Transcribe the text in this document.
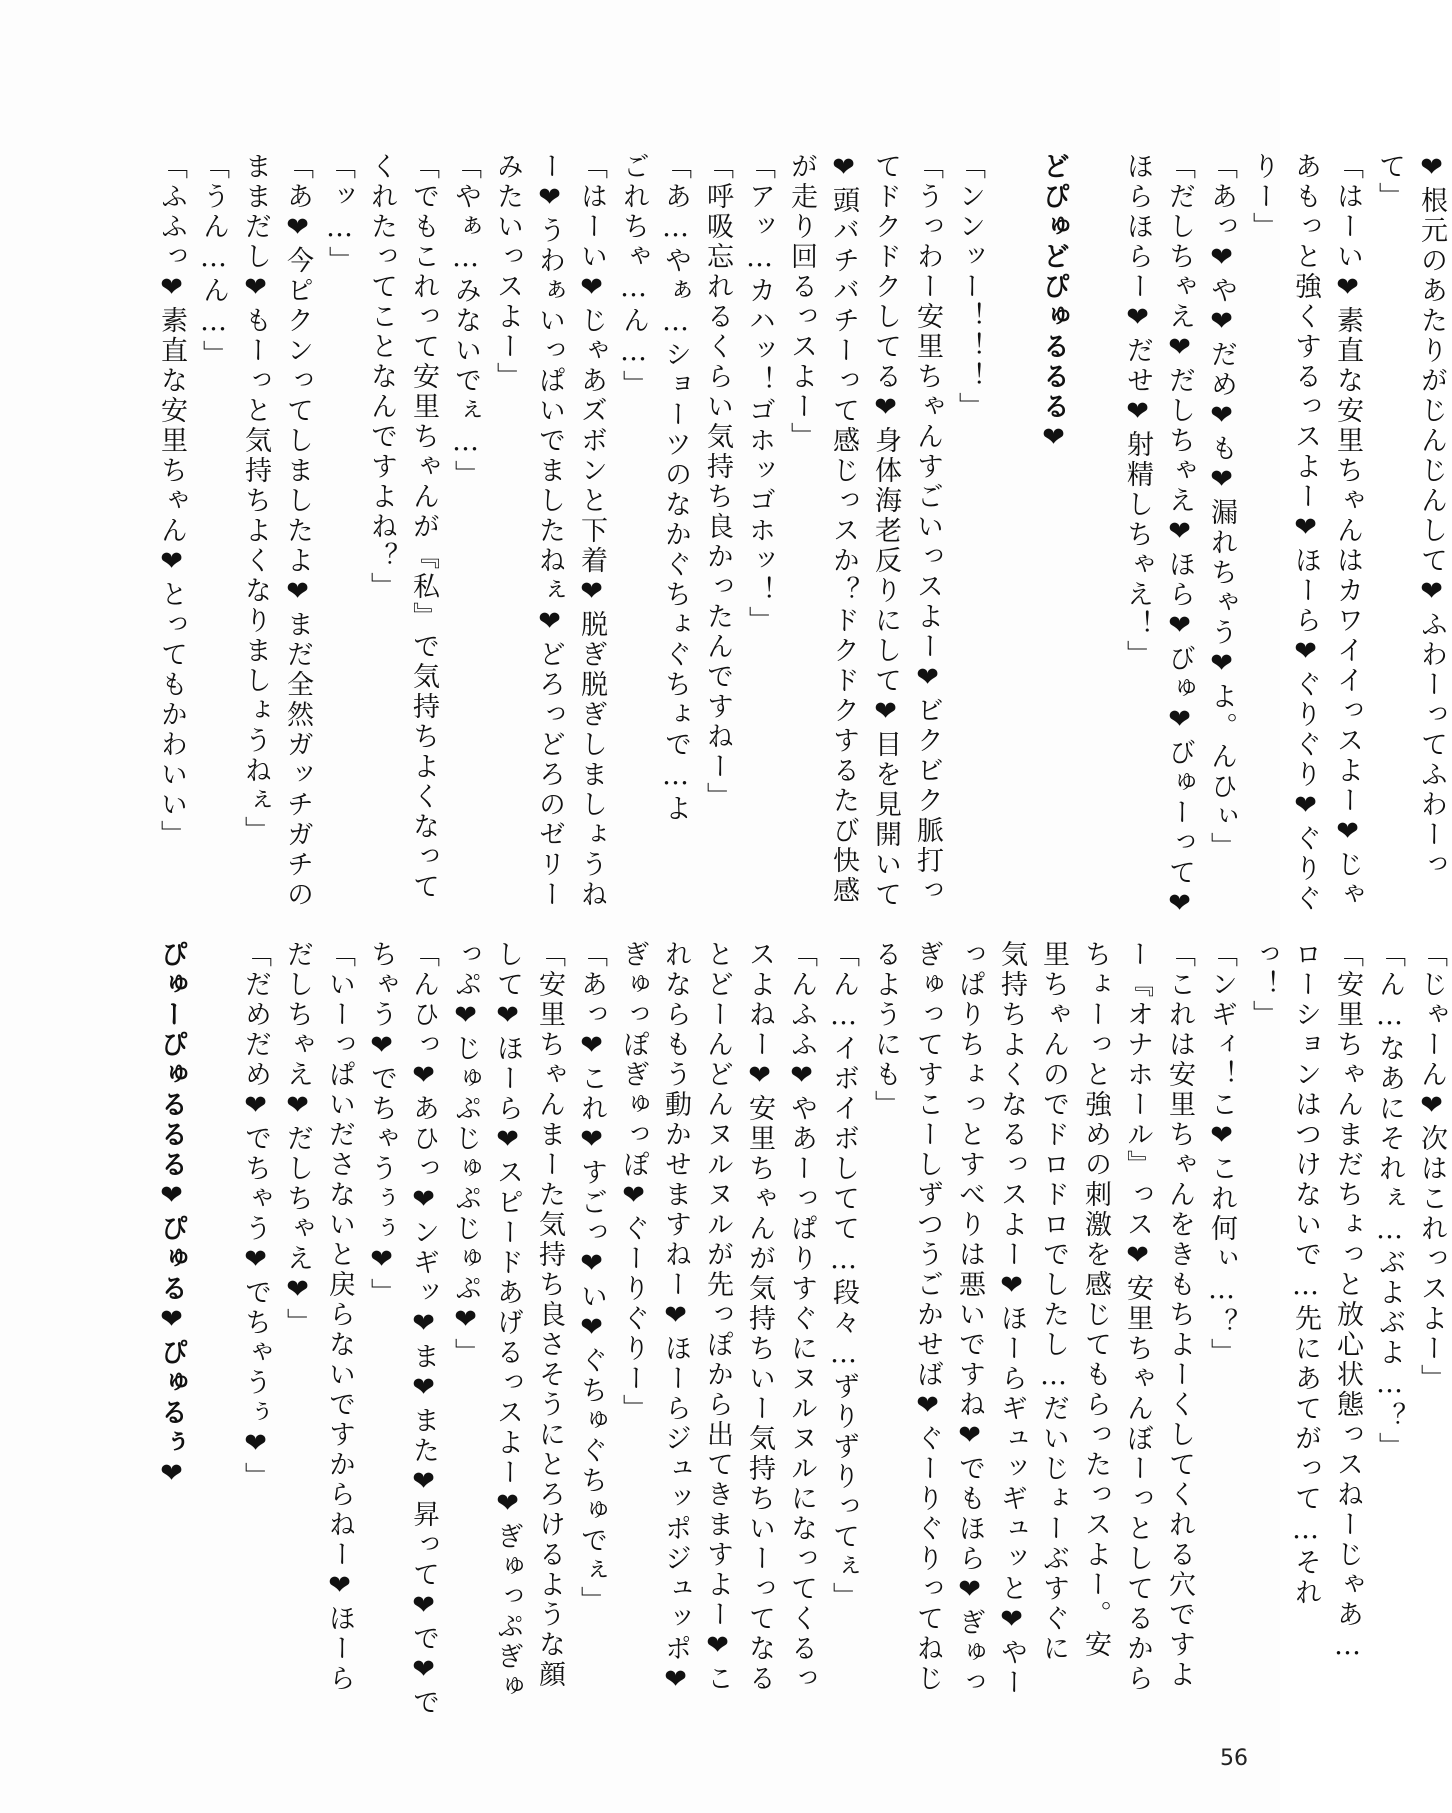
❤根元のあたりがじんじんして❤ふわーってふわーっ

て」

「はーい❤素直な安里ちゃんはカワイイっスよー❤じゃ

あもっと強くするっスよー❤ほーら❤ぐりぐり❤ぐりぐ

りー」

「あっ❤や❤だめ❤も❤漏れちゃう❤よ。んひぃ」

「だしちゃえ❤だしちゃえ❤ほら❤びゅ❤びゅーって❤

ほらほらー❤だせ❤射精しちゃえ！」

どぴゅどぴゅるるる❤

「ンンッー！！！」

「うっわー安里ちゃんすごいっスよー❤ビクビク脈打っ

てドクドクしてる❤身体海老反りにして❤目を見開いて

❤頭バチバチーって感じっスか？ドクドクするたび快感

が走り回るっスよー」

「アッ…カハッ！ゴホッゴホッ！」

「呼吸忘れるくらい気持ち良かったんですねー」

「あ…やぁ…ショーツのなかぐちょぐちょで…よ

ごれちゃ…ん…」

「はーい❤じゃあズボンと下着❤脱ぎ脱ぎしましょうね

ー❤うわぁいっぱいでましたねぇ❤どろっどろのゼリー

みたいっスよー」

「やぁ…みないでぇ…」

「でもこれって安里ちゃんが『私』で気持ちよくなって

くれたってことなんですよね？」

「ッ…」

「あ❤今ピクンってしましたよ❤まだ全然ガッチガチの

ままだし❤もーっと気持ちよくなりましょうねぇ」

「うん…ん…」

「ふふっ❤素直な安里ちゃん❤とってもかわいい」

「じゃーん❤次はこれっスよー」

「ん…なあにそれぇ…ぶよぶよ…？」

「安里ちゃんまだちょっと放心状態っスねーじゃあ…

ローションはつけないで…先にあてがって…それ

っ！」

「ンギィ！こ❤これ何ぃ…？」

「これは安里ちゃんをきもちよーくしてくれる穴ですよ

ー『オナホール』っス❤安里ちゃんぼーっとしてるから

ちょーっと強めの刺激を感じてもらったっスよー。安

里ちゃんのでドロドロでしたし…だいじょーぶすぐに

気持ちよくなるっスよー❤ほーらギュッギュッと❤やー

っぱりちょっとすべりは悪いですね❤でもほら❤ぎゅっ

ぎゅってすこーしずつうごかせば❤ぐーりぐりってねじ

るようにも」

「ん…イボイボしてて…段々…ずりずりってぇ」

「んふふ❤やあーっぱりすぐにヌルヌルになってくるっ

スよねー❤安里ちゃんが気持ちいー気持ちいーってなる

とどーんどんヌルヌルが先っぽから出てきますよー❤こ

れならもう動かせますねー❤ほーらジュッポジュッポ❤

ぎゅっぽぎゅっぽ❤ぐーりぐりー」

「あっ❤これ❤すごっ❤い❤ぐちゅぐちゅでぇ」

「安里ちゃんまーた気持ち良さそうにとろけるような顔

して❤ほーら❤スピードあげるっスよー❤ぎゅっぷぎゅ

っぷ❤じゅぷじゅぷじゅぷ❤」

「んひっ❤あひっ❤ンギッ❤ま❤また❤昇って❤で❤で

ちゃう❤でちゃうぅぅ❤」

「いーっぱいださないと戻らないですからねー❤ほーら

だしちゃえ❤だしちゃえ❤」

「だめだめ❤でちゃう❤でちゃうぅ❤」

ぴゅーぴゅるるる❤ぴゅる❤ぴゅるぅ❤

56
